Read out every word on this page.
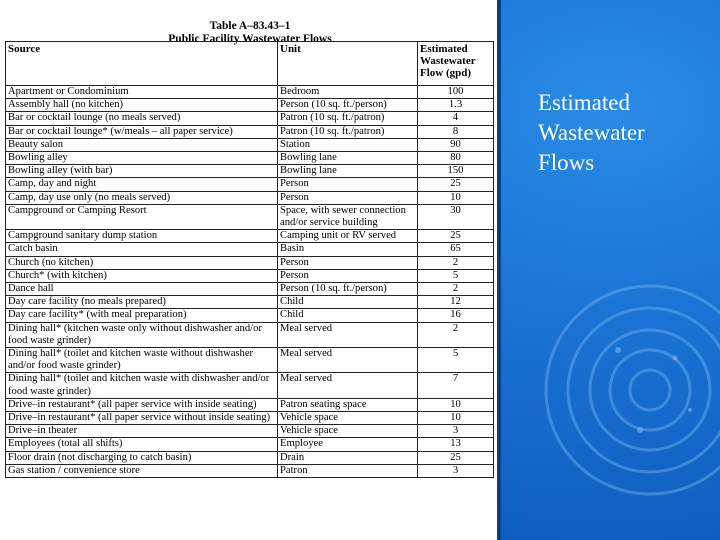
Table A–83.43–1
Public Facility Wastewater Flows
Source	Unit	Estimated Wastewater Flow (gpd)
Apartment or Condominium	Bedroom	100
Assembly hall (no kitchen)	Person (10 sq. ft./person)	1.3
Bar or cocktail lounge (no meals served)	Patron (10 sq. ft./patron)	4
Bar or cocktail lounge* (w/meals – all paper service)	Patron (10 sq. ft./patron)	8
Beauty salon	Station	90
Bowling alley	Bowling lane	80
Bowling alley (with bar)	Bowling lane	150
Camp, day and night	Person	25
Camp, day use only (no meals served)	Person	10
Campground or Camping Resort	Space, with sewer connection and/or service building	30
Campground sanitary dump station	Camping unit or RV served	25
Catch basin	Basin	65
Church (no kitchen)	Person	2
Church* (with kitchen)	Person	5
Dance hall	Person (10 sq. ft./person)	2
Day care facility (no meals prepared)	Child	12
Day care facility* (with meal preparation)	Child	16
Dining hall* (kitchen waste only without dishwasher and/or food waste grinder)	Meal served	2
Dining hall* (toilet and kitchen waste without dishwasher and/or food waste grinder)	Meal served	5
Dining hall* (toilet and kitchen waste with dishwasher and/or food waste grinder)	Meal served	7
Drive–in restaurant* (all paper service with inside seating)	Patron seating space	10
Drive–in restaurant* (all paper service without inside seating)	Vehicle space	10
Drive–in theater	Vehicle space	3
Employees (total all shifts)	Employee	13
Floor drain (not discharging to catch basin)	Drain	25
Gas station / convenience store	Patron	3
Estimated
Wastewater
Flows
